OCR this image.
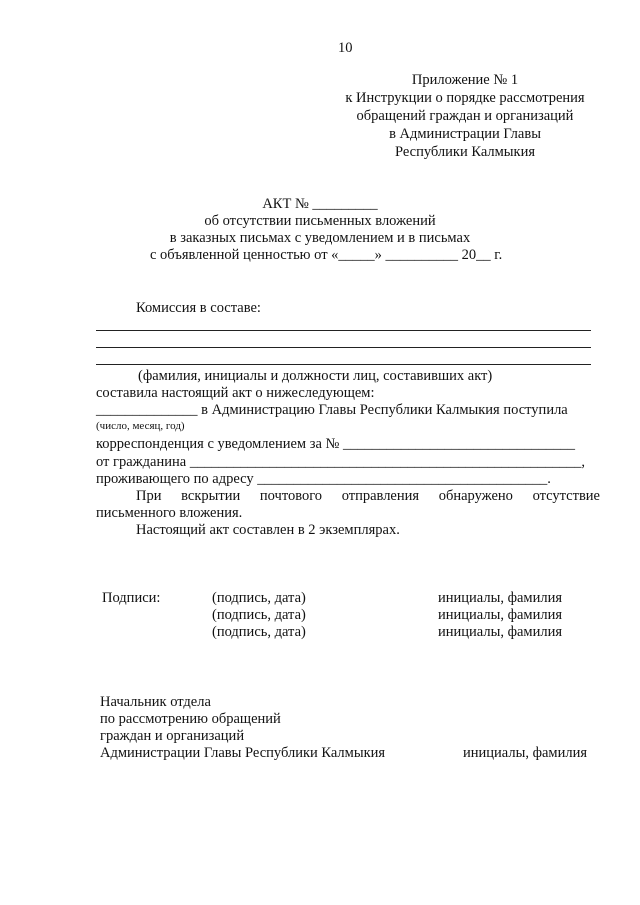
10
Приложение № 1
к Инструкции о порядке рассмотрения
обращений граждан и организаций
в Администрации Главы
Республики Калмыкия
АКТ № _________
об отсутствии письменных вложений
в заказных письмах с уведомлением и в письмах
с объявленной ценностью от «_____» __________ 20__ г.
Комиссия в составе:
(фамилия, инициалы и должности лиц, составивших акт)
составила настоящий акт о нижеследующем:
______________ в Администрацию Главы Республики Калмыкия поступила
(число, месяц, год)
корреспонденция с уведомлением за № ________________________________
от гражданина ______________________________________________________,
проживающего по адресу ________________________________________.
При вскрытии почтового отправления обнаружено отсутствие
письменного вложения.
Настоящий акт составлен в 2 экземплярах.
Подписи:	(подпись, дата)	инициалы, фамилия
(подпись, дата)	инициалы, фамилия
(подпись, дата)	инициалы, фамилия
Начальник отдела
по рассмотрению обращений
граждан и организаций
Администрации Главы Республики Калмыкия	инициалы, фамилия
